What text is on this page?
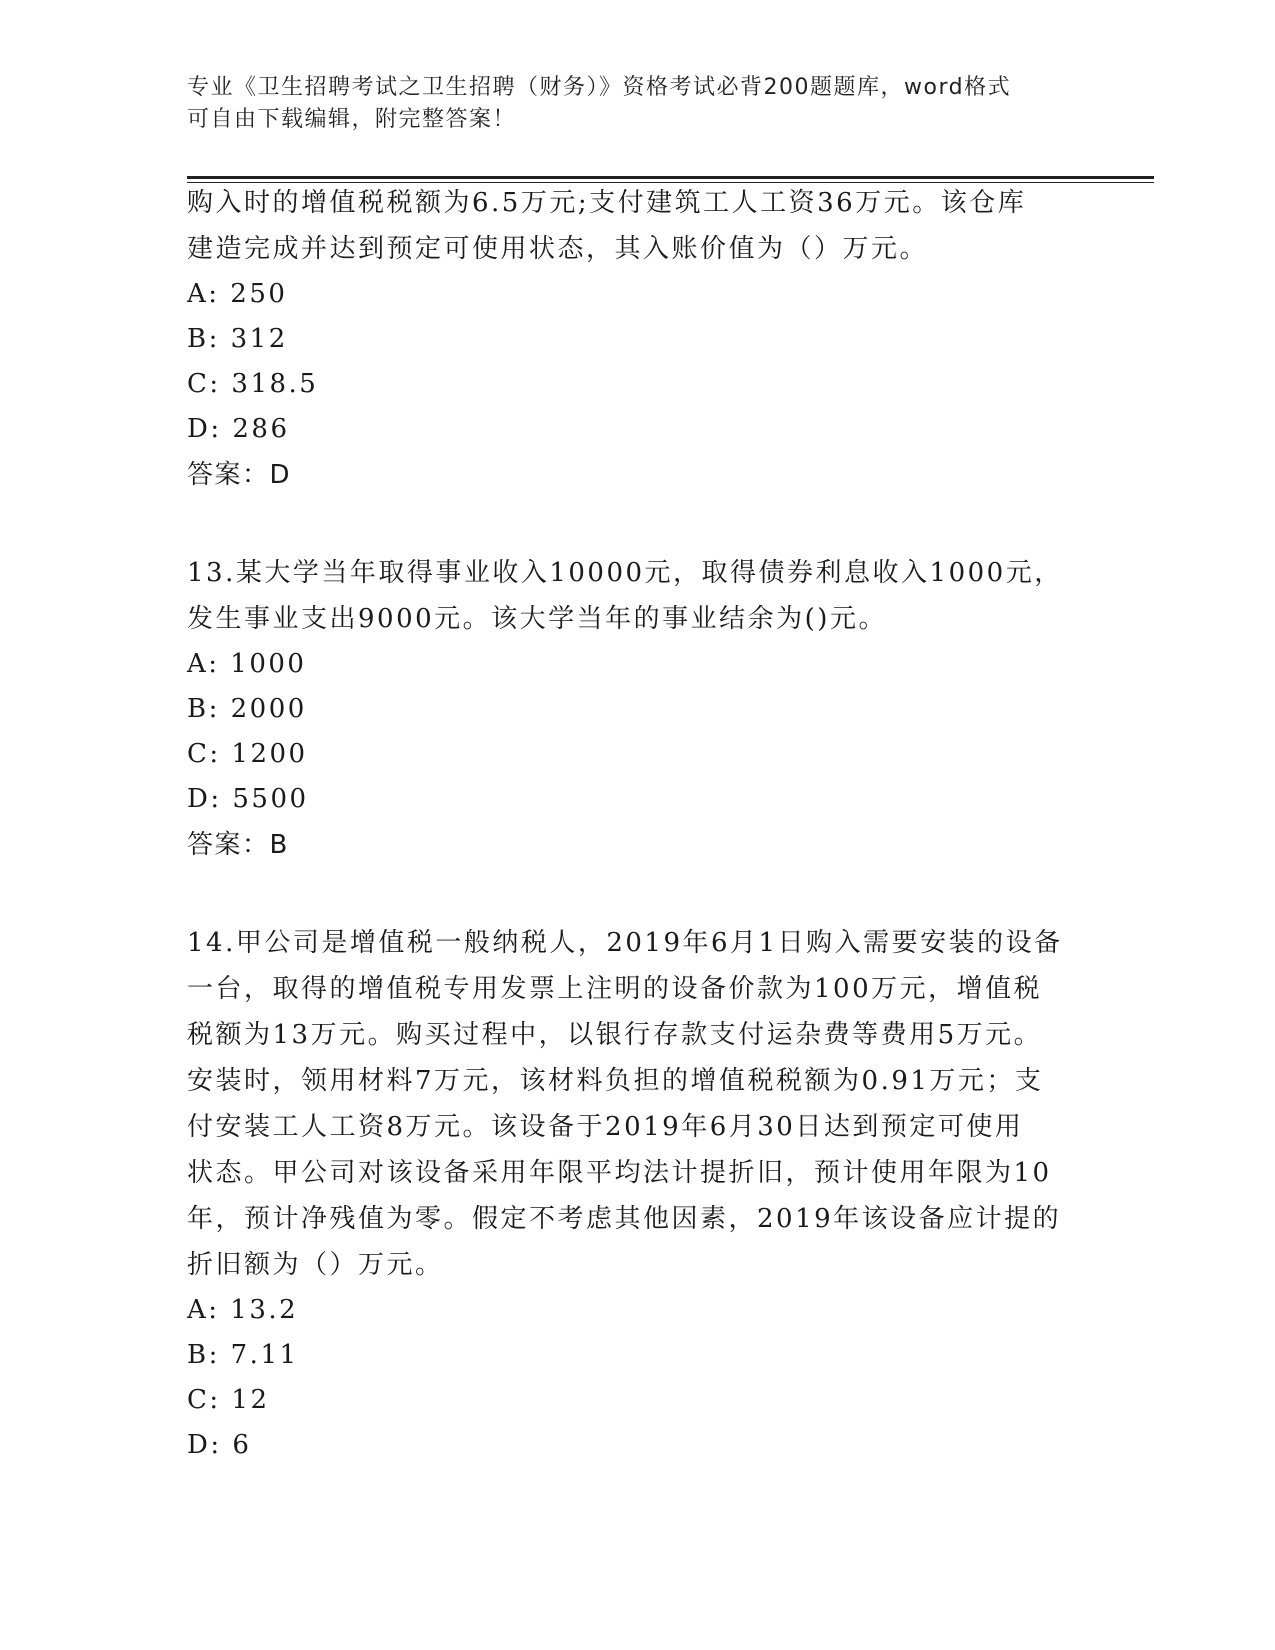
专业《卫生招聘考试之卫生招聘（财务）》资格考试必背200题题库，word格式
可自由下载编辑，附完整答案！
购入时的增值税税额为6.5万元;支付建筑工人工资36万元。该仓库
建造完成并达到预定可使用状态，其入账价值为（）万元。
A: 250
B: 312
C: 318.5
D: 286
答案：D
13.某大学当年取得事业收入10000元，取得债券利息收入1000元，
发生事业支出9000元。该大学当年的事业结余为()元。
A: 1000
B: 2000
C: 1200
D: 5500
答案：B
14.甲公司是增值税一般纳税人，2019年6月1日购入需要安装的设备
一台，取得的增值税专用发票上注明的设备价款为100万元，增值税
税额为13万元。购买过程中，以银行存款支付运杂费等费用5万元。
安装时，领用材料7万元，该材料负担的增值税税额为0.91万元；支
付安装工人工资8万元。该设备于2019年6月30日达到预定可使用
状态。甲公司对该设备采用年限平均法计提折旧，预计使用年限为10
年，预计净残值为零。假定不考虑其他因素，2019年该设备应计提的
折旧额为（）万元。
A: 13.2
B: 7.11
C: 12
D: 6
